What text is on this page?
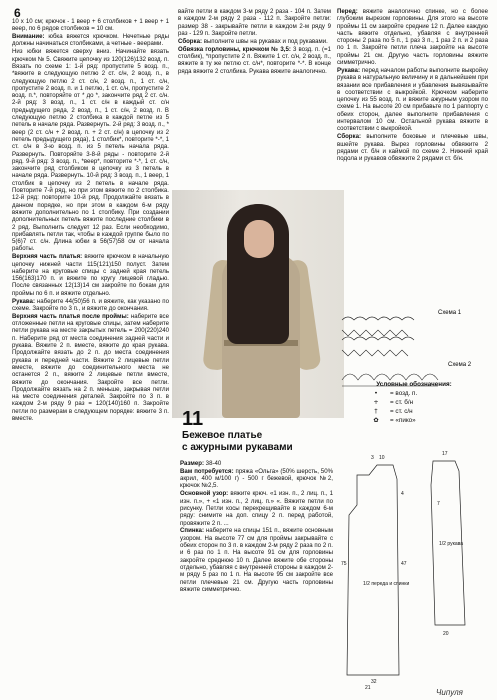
6

10 х 10 см; крючок - 1 веер + 6 столбиков + 1 веер + 1 веер, по 6 рядов столбиков = 10 см.

Внимание: юбка вяжется крючком. Нечетные ряды должны начинаться столбиками, а четные - веерами.

Низ юбки вяжется сверху вниз. Начинайте вязать крючком № 5. Свяжите цепочку из 120(126)132 возд. п. Вязать по схеме 1: 1-й ряд: пропустите 5 возд. п., *вяжите в следующую петлю 2 ст. с/н, 2 возд. п., в следующую петлю 2 ст. с/н, 2 возд. п., 1 ст. с/н, пропустите 2 возд. п. и 1 петлю, 1 ст. с/н, пропустите 2 возд. п.*, повторяйте от * до *, закончите ряд 2 ст. с/н. 2-й ряд: 3 возд. п., 1 ст. с/н в каждый ст. с/н предыдущего ряда, 2 возд. п., 1 ст. с/н, 2 возд. п. В следующую петлю 2 столбика в каждой петле из 5 петель в начале ряда. Развернуть. 2-й ряд: 3 возд. п., * веер (2 ст. с/н + 2 возд. п. + 2 ст. с/н) в цепочку из 2 петель предыдущего ряда), 1 столбик*, повторите *-*, 1 ст. с/н в 3-ю возд. п. из 5 петель начала ряда. Развернуть. Повторяйте 3-8-й ряды - повторите 2-й ряд. 9-й ряд: 3 возд. п., *веер*, повторите *-*, 1 ст. с/н, закончите ряд столбиком в цепочку из 3 петель в начале ряда. Развернуть. 10-й ряд: 3 возд. п., 1 веер, 1 столбик в цепочку из 2 петель в начале ряда. Повторите 7-й ряд, но при этом вяжите по 2 столбика. 12-й ряд: повторите 10-й ряд. Продолжайте вязать в данном порядке, но при этом в каждом 6-м ряду вяжите дополнительно по 1 столбику. При создании дополнительных петель вяжите последние столбики в 2 ряд. Выполнить следует 12 раз. Если необходимо, прибавлять петли так, чтобы в каждой группе было по 5(6)7 ст. с/н. Длина юбки в 56(57)58 см от начала работы.

Верхняя часть платья: вяжите крючком в начальную цепочку нижней части 115(121)150 полуст. Затем наберите на круговые спицы с задней края петель 156(163)170 п. и вяжите по кругу лицевой гладью. После связанных 12(13)14 см закройте по бокам для проймы по 6 п. и вяжите отдельно.

Рукава: наберите 44(50)56 п. и вяжите, как указано по схеме. Закройте по 3 п., и вяжите до окончания.

Верхняя часть платья после проймы: наберите все отложенные петли на круговые спицы, затем наберите петли рукава на месте закрытых петель = 200(220)240 п. Наберите ряд от места соединения задней части и рукава. Вяжите 2 п. вместе, вяжите до края рукава. Продолжайте вязать до 2 п. до места соединения рукава и передней части. Вяжите 2 лицевые петли вместе, вяжите до соединительного места не останется 2 п., вяжите 2 лицевые петли вместе, вяжите до окончания. Закройте все петли. Продолжайте вязать на 2 п. меньше, закрывая петли на месте соединения деталей. Закройте по 3 п. в каждом 2-м ряду 9 раз = 120(140)160 п. Закройте петли по размерам в следующем порядке: вяжите 3 п. вместе.

вайте петли в каждом 3-м ряду 2 раза - 104 п. Затем в каждом 2-м ряду 2 раза - 112 п. Закройте петли: размер 38 - закрывайте петли в каждом 2-м ряду 9 раз - 129 п. Закройте петли.

Сборка: выполните швы на рукавах и под рукавами.

Обвязка горловины, крючком № 3,5: 3 возд. п. (=1 столбик), *пропустите 2 п. Вяжите 1 ст. с/н, 2 возд. п., вяжите в ту же петлю ст. с/н*, повторите *-*. В конце ряда вяжите 2 столбика. Рукава вяжите аналогично.

11
Бежевое платье
с ажурными рукавами

Размер: 38-40

Вам потребуется: пряжа «Ольга» (50% шерсть, 50% акрил, 400 м/100 г) - 500 г бежевой, крючок №2, крючок №2,5.

Основной узор: вяжите крюч. «1 изн. п., 2 лиц. п., 1 изн. п.», + «1 изн. п., 2 лиц. п.» «. Вяжите петли по рисунку. Петли косы перекрещивайте в каждом 6-м ряду: снимите на доп. спицу 2 п. перед работой, провяжите 2 п. ...

Спинка: наберите на спицы 151 п., вяжите основным узором. На высоте 77 см для проймы закрывайте с обеих сторон по 3 п. в каждом 2-м ряду 2 раза по 2 п. и 6 раз по 1 п. На высоте 91 см для горловины закройте среднюю 10 п. Далее вяжите обе стороны отдельно, убавляя с внутренней стороны в каждом 2-м ряду 5 раз по 1 п. На высоте 95 см закройте все петли плечевые 21 см. Другую часть горловины вяжите симметрично.

Перед: вяжите аналогично спинке, но с более глубоким вырезом горловины. Для этого на высоте проймы 11 см закройте средние 12 п. Далее каждую часть вяжите отдельно, убавляя с внутренней стороны 2 раза по 5 п., 1 раз 3 п., 1 раз 2 п. и 2 раза по 1 п. Закройте петли плеча закройте на высоте проймы 21 см. Другую часть горловины вяжите симметрично.

Рукава: перед началом работы выполните выкройку рукава в натуральную величину и в дальнейшем при вязании все прибавления и убавления вывязывайте в соответствии с выкройкой. Крючком наберите цепочку из 55 возд. п. и вяжите ажурным узором по схеме 1. На высоте 20 см прибавьте по 1 раппорту с обеих сторон, далее выполните прибавления с интервалом 10 см. Остальной рукава вяжите в соответствии с выкройкой.

Сборка: выполните боковые и плечевые швы, вшейте рукава. Вырез горловины обвяжите 2 рядами ст. б/н и каймой по схеме 2. Нижний край подола и рукавов обвяжите 2 рядами ст. б/н.

Схема 1
Схема 2
Условные обозначения:
•	= возд. п.
+	= ст. б/н
†	= ст. с/н
✿	= «пико»
3 10
17
75
4
47
32
20
7
21
1/2 рукава
1/2 переда и спинки
Чипуля
